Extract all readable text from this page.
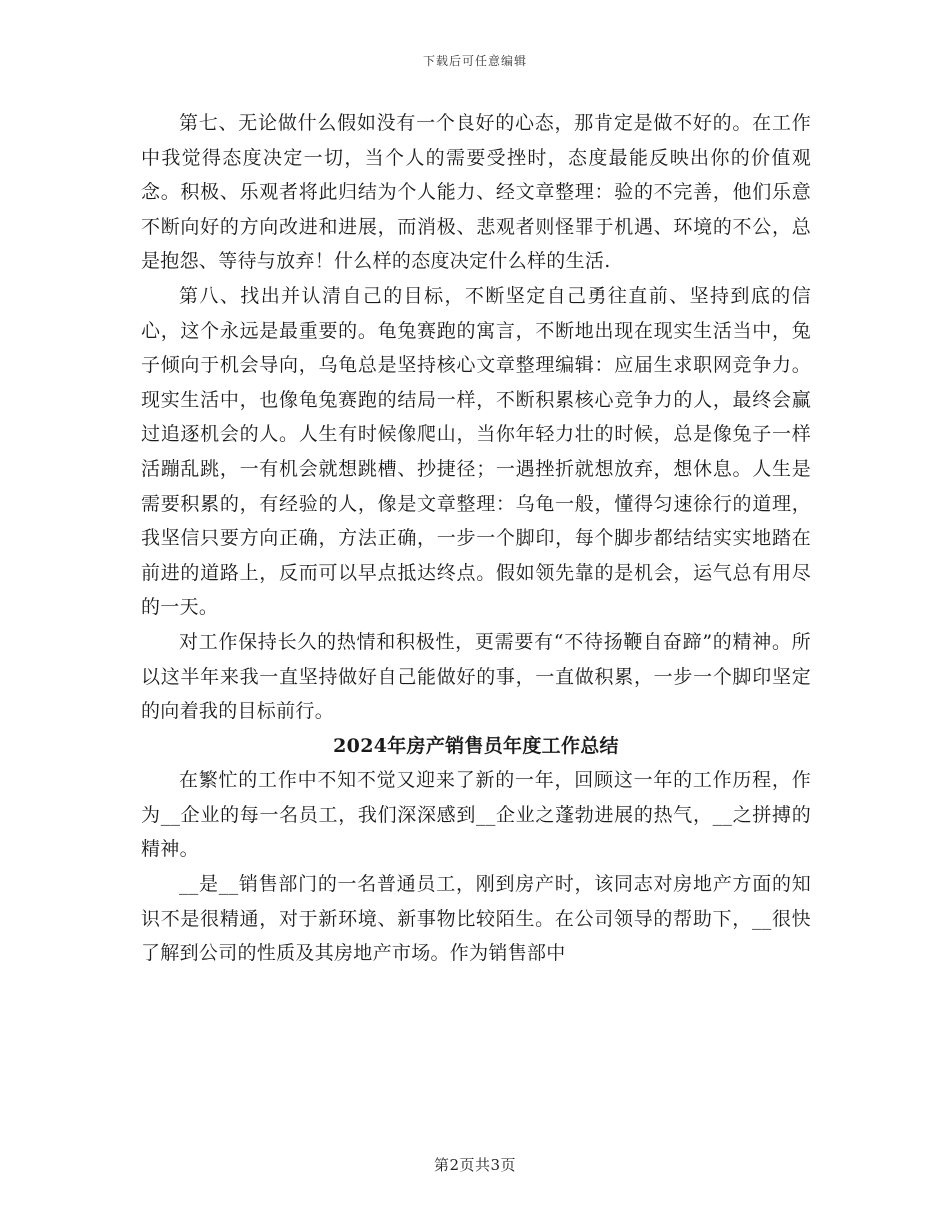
下载后可任意编辑

第七、无论做什么假如没有一个良好的心态，那肯定是做不好的。在工作中我觉得态度决定一切，当个人的需要受挫时，态度最能反映出你的价值观念。积极、乐观者将此归结为个人能力、经文章整理：验的不完善，他们乐意不断向好的方向改进和进展，而消极、悲观者则怪罪于机遇、环境的不公，总是抱怨、等待与放弃！什么样的态度决定什么样的生活.

第八、找出并认清自己的目标，不断坚定自己勇往直前、坚持到底的信心，这个永远是最重要的。龟兔赛跑的寓言，不断地出现在现实生活当中，兔子倾向于机会导向，乌龟总是坚持核心文章整理编辑：应届生求职网竞争力。现实生活中，也像龟兔赛跑的结局一样，不断积累核心竞争力的人，最终会赢过追逐机会的人。人生有时候像爬山，当你年轻力壮的时候，总是像兔子一样活蹦乱跳，一有机会就想跳槽、抄捷径；一遇挫折就想放弃，想休息。人生是需要积累的，有经验的人，像是文章整理：乌龟一般，懂得匀速徐行的道理，我坚信只要方向正确，方法正确，一步一个脚印，每个脚步都结结实实地踏在前进的道路上，反而可以早点抵达终点。假如领先靠的是机会，运气总有用尽的一天。

对工作保持长久的热情和积极性，更需要有“不待扬鞭自奋蹄”的精神。所以这半年来我一直坚持做好自己能做好的事，一直做积累，一步一个脚印坚定的向着我的目标前行。

2024年房产销售员年度工作总结

在繁忙的工作中不知不觉又迎来了新的一年，回顾这一年的工作历程，作为__企业的每一名员工，我们深深感到__企业之蓬勃进展的热气，__之拼搏的精神。

__是__销售部门的一名普通员工，刚到房产时，该同志对房地产方面的知识不是很精通，对于新环境、新事物比较陌生。在公司领导的帮助下，__很快了解到公司的性质及其房地产市场。作为销售部中

第2页共3页
